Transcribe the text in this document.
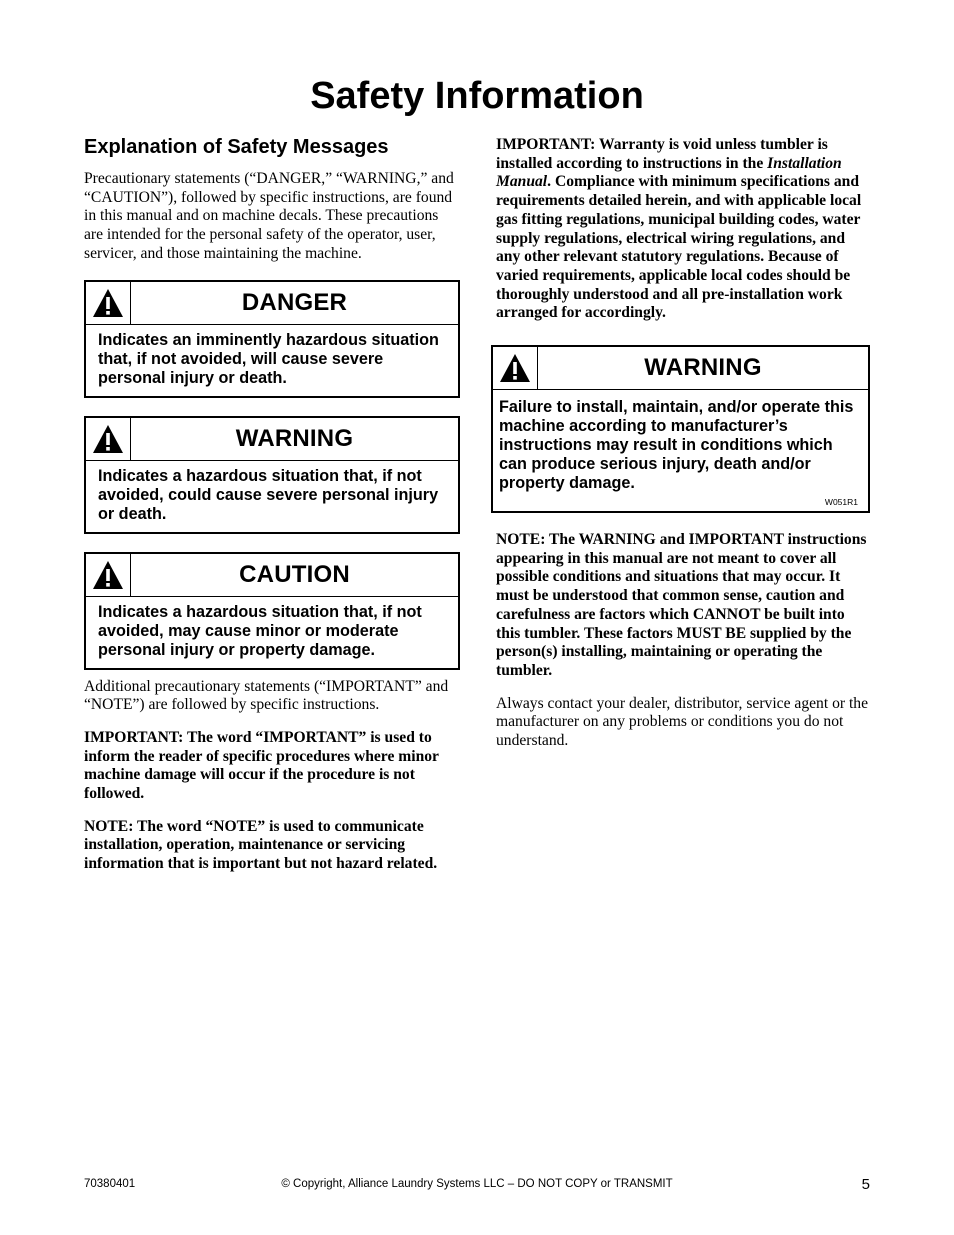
Safety Information
Explanation of Safety Messages

Precautionary statements (“DANGER,” “WARNING,” and “CAUTION”), followed by specific instructions, are found in this manual and on machine decals. These precautions are intended for the personal safety of the operator, user, servicer, and those maintaining the machine.

DANGER
Indicates an imminently hazardous situation that, if not avoided, will cause severe personal injury or death.
WARNING
Indicates a hazardous situation that, if not avoided, could cause severe personal injury or death.
CAUTION
Indicates a hazardous situation that, if not avoided, may cause minor or moderate personal injury or property damage.

Additional precautionary statements (“IMPORTANT” and “NOTE”) are followed by specific instructions.

IMPORTANT: The word “IMPORTANT” is used to inform the reader of specific procedures where minor machine damage will occur if the procedure is not followed.

NOTE: The word “NOTE” is used to communicate installation, operation, maintenance or servicing information that is important but not hazard related.

IMPORTANT: Warranty is void unless tumbler is installed according to instructions in the Installation Manual. Compliance with minimum specifications and requirements detailed herein, and with applicable local gas fitting regulations, municipal building codes, water supply regulations, electrical wiring regulations, and any other relevant statutory regulations. Because of varied requirements, applicable local codes should be thoroughly understood and all pre-installation work arranged for accordingly.

WARNING
Failure to install, maintain, and/or operate this machine according to manufacturer’s instructions may result in conditions which can produce serious injury, death and/or property damage.
W051R1

NOTE: The WARNING and IMPORTANT instructions appearing in this manual are not meant to cover all possible conditions and situations that may occur. It must be understood that common sense, caution and carefulness are factors which CANNOT be built into this tumbler. These factors MUST BE supplied by the person(s) installing, maintaining or operating the tumbler.

Always contact your dealer, distributor, service agent or the manufacturer on any problems or conditions you do not understand.

70380401	© Copyright, Alliance Laundry Systems LLC – DO NOT COPY or TRANSMIT	5
